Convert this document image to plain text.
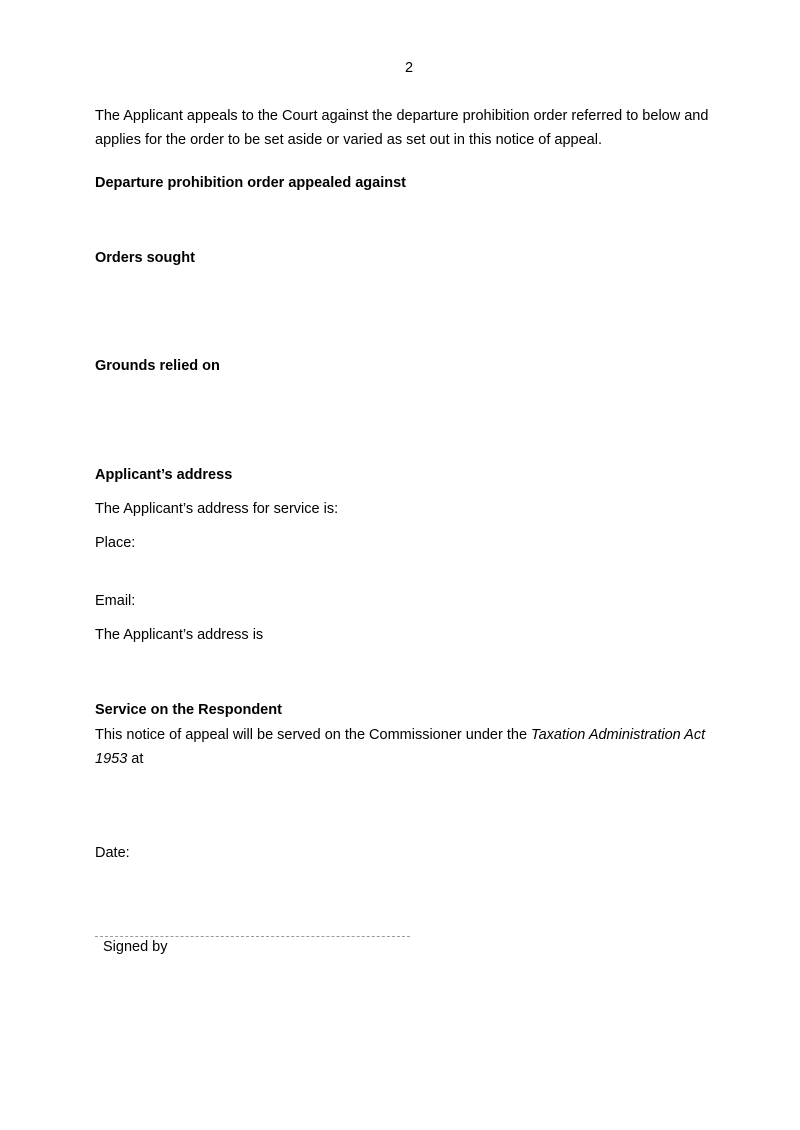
2
The Applicant appeals to the Court against the departure prohibition order referred to below and applies for the order to be set aside or varied as set out in this notice of appeal.
Departure prohibition order appealed against
Orders sought
Grounds relied on
Applicant’s address
The Applicant’s address for service is:
Place:
Email:
The Applicant’s address is
Service on the Respondent
This notice of appeal will be served on the Commissioner under the Taxation Administration Act 1953 at
Date:
Signed by
